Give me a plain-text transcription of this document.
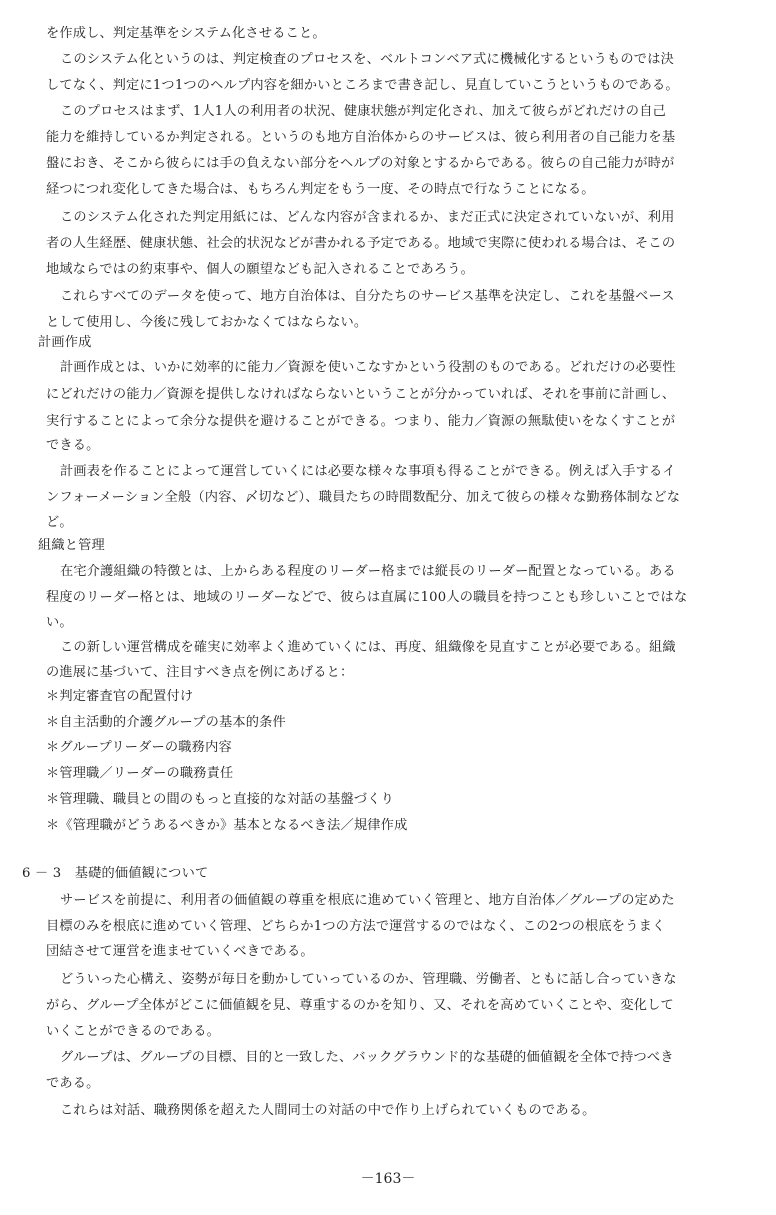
を作成し、判定基準をシステム化させること。
このシステム化というのは、判定検査のプロセスを、ベルトコンベア式に機械化するというものでは決
してなく、判定に1つ1つのヘルプ内容を細かいところまで書き記し、見直していこうというものである。
このプロセスはまず、1人1人の利用者の状況、健康状態が判定化され、加えて彼らがどれだけの自己
能力を維持しているか判定される。というのも地方自治体からのサービスは、彼ら利用者の自己能力を基
盤におき、そこから彼らには手の負えない部分をヘルプの対象とするからである。彼らの自己能力が時が
経つにつれ変化してきた場合は、もちろん判定をもう一度、その時点で行なうことになる。
このシステム化された判定用紙には、どんな内容が含まれるか、まだ正式に決定されていないが、利用
者の人生経歴、健康状態、社会的状況などが書かれる予定である。地域で実際に使われる場合は、そこの
地域ならではの約束事や、個人の願望なども記入されることであろう。
これらすべてのデータを使って、地方自治体は、自分たちのサービス基準を決定し、これを基盤ベース
として使用し、今後に残しておかなくてはならない。
計画作成
計画作成とは、いかに効率的に能力／資源を使いこなすかという役割のものである。どれだけの必要性
にどれだけの能力／資源を提供しなければならないということが分かっていれば、それを事前に計画し、
実行することによって余分な提供を避けることができる。つまり、能力／資源の無駄使いをなくすことが
できる。
計画表を作ることによって運営していくには必要な様々な事項も得ることができる。例えば入手するイ
ンフォーメーション全般（内容、〆切など）、職員たちの時間数配分、加えて彼らの様々な勤務体制などな
ど。
組織と管理
在宅介護組織の特徴とは、上からある程度のリーダー格までは縦長のリーダー配置となっている。ある
程度のリーダー格とは、地域のリーダーなどで、彼らは直属に100人の職員を持つことも珍しいことではな
い。
この新しい運営構成を確実に効率よく進めていくには、再度、組織像を見直すことが必要である。組織
の進展に基づいて、注目すべき点を例にあげると：
＊判定審査官の配置付け
＊自主活動的介護グループの基本的条件
＊グループリーダーの職務内容
＊管理職／リーダーの職務責任
＊管理職、職員との間のもっと直接的な対話の基盤づくり
＊《管理職がどうあるべきか》基本となるべき法／規律作成
6 － 3　基礎的価値観について
サービスを前提に、利用者の価値観の尊重を根底に進めていく管理と、地方自治体／グループの定めた
目標のみを根底に進めていく管理、どちらか1つの方法で運営するのではなく、この2つの根底をうまく
団結させて運営を進ませていくべきである。
どういった心構え、姿勢が毎日を動かしていっているのか、管理職、労働者、ともに話し合っていきな
がら、グループ全体がどこに価値観を見、尊重するのかを知り、又、それを高めていくことや、変化して
いくことができるのである。
グループは、グループの目標、目的と一致した、バックグラウンド的な基礎的価値観を全体で持つべき
である。
これらは対話、職務関係を超えた人間同士の対話の中で作り上げられていくものである。
－163－
